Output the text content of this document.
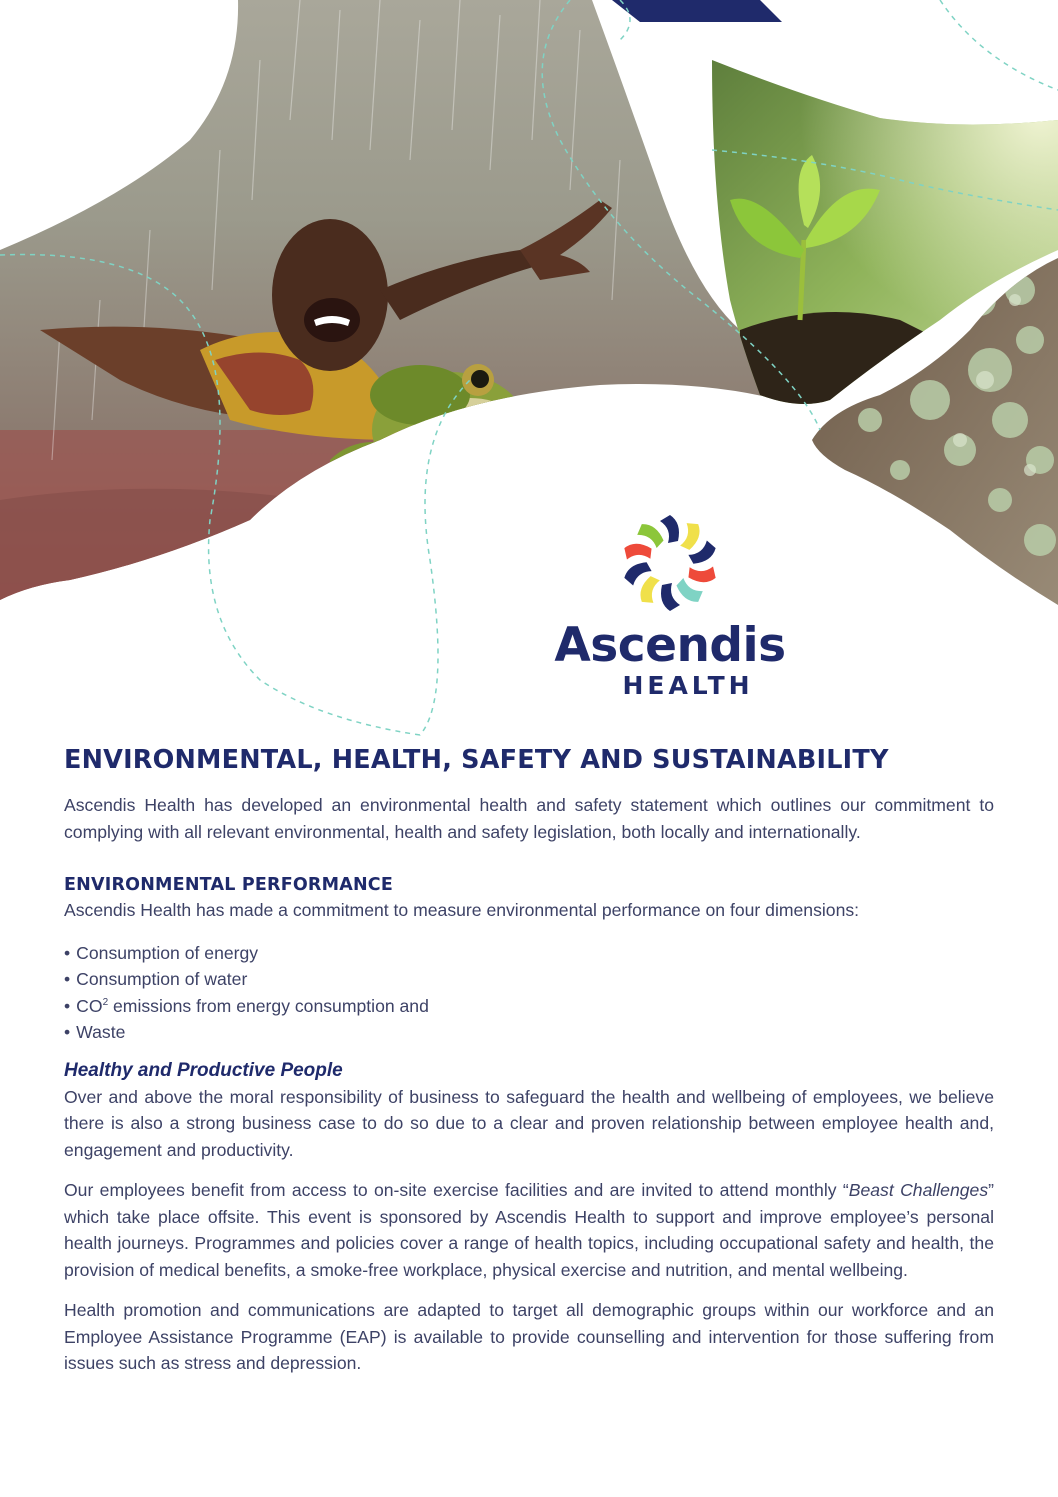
Ascendis
HEALTH
ENVIRONMENTAL, HEALTH, SAFETY AND SUSTAINABILITY

Ascendis Health has developed an environmental health and safety statement which outlines our commitment to complying with all relevant environmental, health and safety legislation, both locally and internationally.

ENVIRONMENTAL PERFORMANCE

Ascendis Health has made a commitment to measure environmental performance on four dimensions:

• Consumption of energy
• Consumption of water
• $CO^2$ emissions from energy consumption and
• Waste
Healthy and Productive People

Over and above the moral responsibility of business to safeguard the health and wellbeing of employees, we believe there is also a strong business case to do so due to a clear and proven relationship between employee health and, engagement and productivity.

Our employees benefit from access to on-site exercise facilities and are invited to attend monthly “Beast Challenges” which take place offsite. This event is sponsored by Ascendis Health to support and improve employee’s personal health journeys. Programmes and policies cover a range of health topics, including occupational safety and health, the provision of medical benefits, a smoke-free workplace, physical exercise and nutrition, and mental wellbeing.

Health promotion and communications are adapted to target all demographic groups within our workforce and an Employee Assistance Programme (EAP) is available to provide counselling and intervention for those suffering from issues such as stress and depression.
